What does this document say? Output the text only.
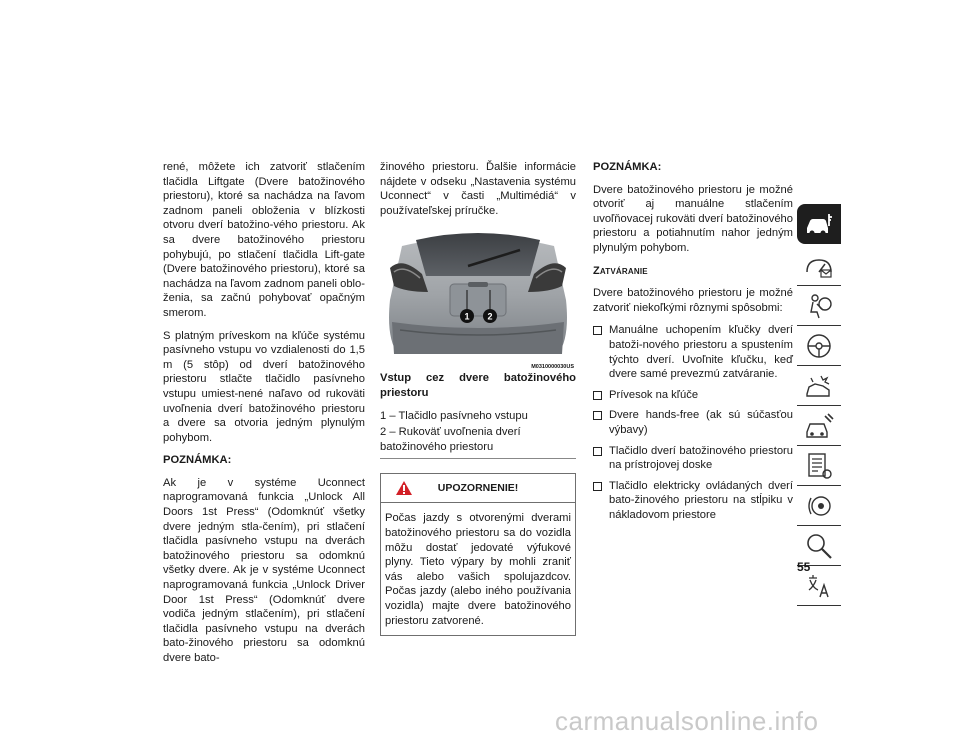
rené, môžete ich zatvoriť stlačením tlačidla Liftgate (Dvere batožinového priestoru), ktoré sa nachádza na ľavom zadnom paneli obloženia v blízkosti otvoru dverí batožino-vého priestoru. Ak sa dvere batožinového priestoru pohybujú, po stlačení tlačidla Lift-gate (Dvere batožinového priestoru), ktoré sa nachádza na ľavom zadnom paneli oblo-ženia, sa začnú pohybovať opačným smerom.

S platným príveskom na kľúče systému pasívneho vstupu vo vzdialenosti do 1,5 m (5 stôp) od dverí batožinového priestoru stlačte tlačidlo pasívneho vstupu umiest-nené naľavo od rukoväti uvoľnenia dverí batožinového priestoru a dvere sa otvoria jedným plynulým pohybom.

POZNÁMKA:

Ak je v systéme Uconnect naprogramovaná funkcia „Unlock All Doors 1st Press“ (Odomknúť všetky dvere jedným stla-čením), pri stlačení tlačidla pasívneho vstupu na dverách batožinového priestoru sa odomknú všetky dvere. Ak je v systéme Uconnect naprogramovaná funkcia „Unlock Driver Door 1st Press“ (Odomknúť dvere vodiča jedným stlačením), pri stlačení tlačidla pasívneho vstupu na dverách bato-žinového priestoru sa odomknú dvere bato-

žinového priestoru. Ďalšie informácie nájdete v odseku „Nastavenia systému Uconnect“ v časti „Multimédiá“ v používateľskej príručke.

1 2
M0310000030US

Vstup cez dvere batožinového priestoru

1 – Tlačidlo pasívneho vstupu

2 – Rukoväť uvoľnenia dverí batožinového priestoru

UPOZORNENIE!
Počas jazdy s otvorenými dverami batožinového priestoru sa do vozidla môžu dostať jedovaté výfukové plyny. Tieto výpary by mohli zraniť vás alebo vašich spolujazdcov. Počas jazdy (alebo iného používania vozidla) majte dvere batožinového priestoru zatvorené.

POZNÁMKA:

Dvere batožinového priestoru je možné otvoriť aj manuálne stlačením uvoľňovacej rukoväti dverí batožinového priestoru a potiahnutím nahor jedným plynulým pohybom.

Zatváranie

Dvere batožinového priestoru je možné zatvoriť niekoľkými rôznymi spôsobmi:

Manuálne uchopením kľučky dverí batoži-nového priestoru a spustením týchto dverí. Uvoľnite kľučku, keď dvere samé prevezmú zatváranie.
Prívesok na kľúče
Dvere hands-free (ak sú súčasťou výbavy)
Tlačidlo dverí batožinového priestoru na prístrojovej doske
Tlačidlo elektricky ovládaných dverí bato-žinového priestoru na stĺpiku v nákladovom priestore
55
carmanualsonline.info
